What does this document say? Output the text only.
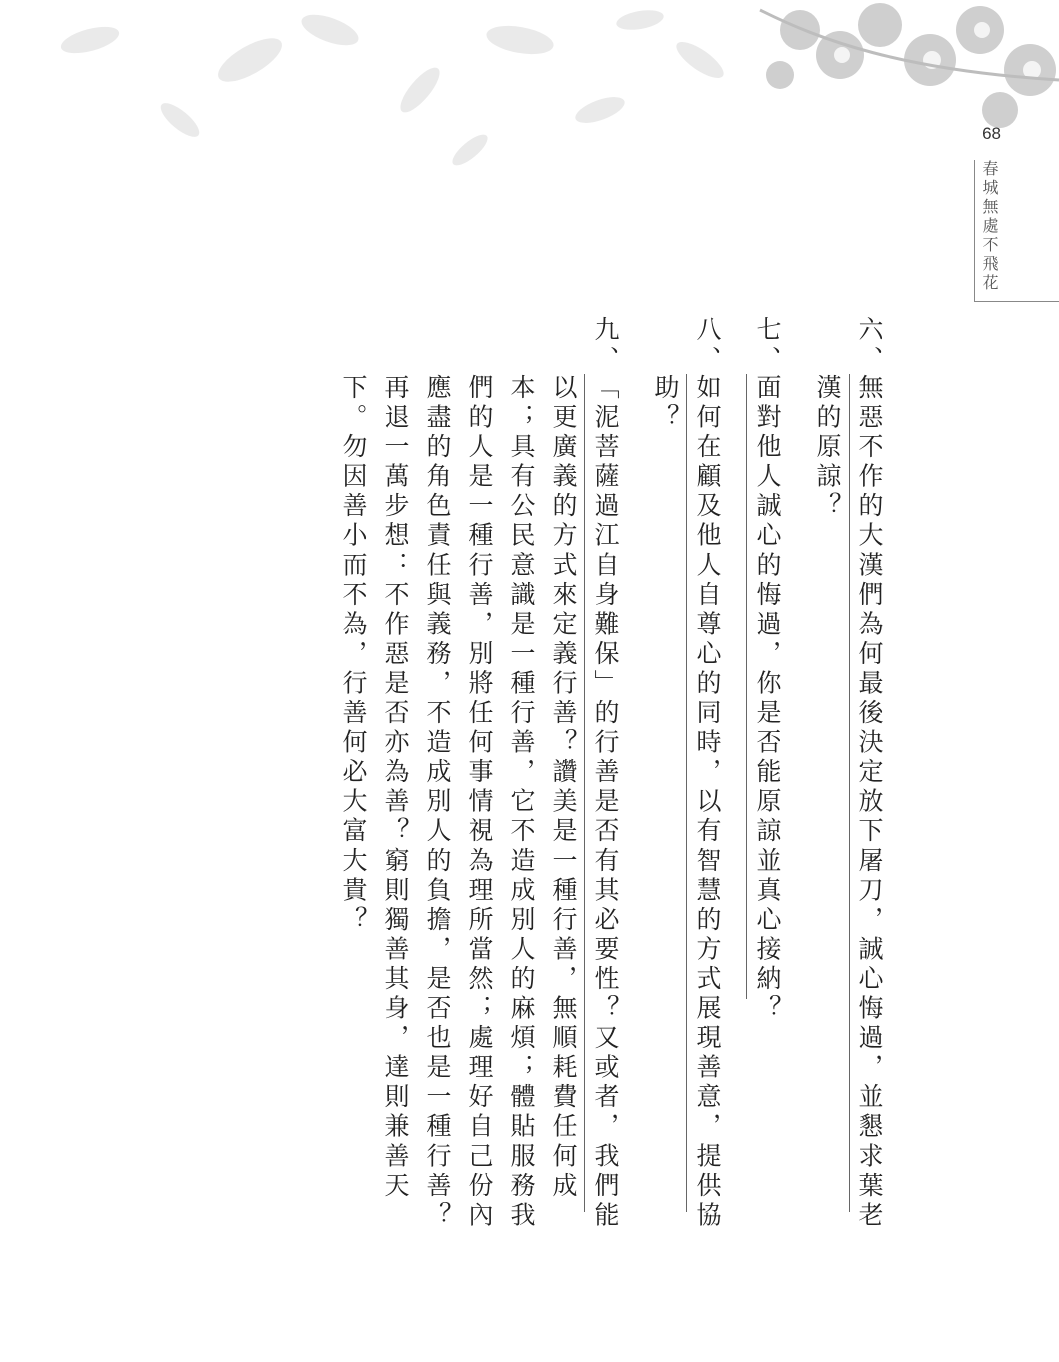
68
春城無處不飛花
六、
無惡不作的大漢們為何最後決定放下屠刀，誠心悔過，並懇求葉老
漢的原諒？
七、
面對他人誠心的悔過，你是否能原諒並真心接納？
八、
如何在顧及他人自尊心的同時，以有智慧的方式展現善意，提供協
助？
九、
「泥菩薩過江自身難保」的行善是否有其必要性？又或者，我們能
以更廣義的方式來定義行善？讚美是一種行善，無順耗費任何成
本；具有公民意識是一種行善，它不造成別人的麻煩；體貼服務我
們的人是一種行善，別將任何事情視為理所當然；處理好自己份內
應盡的角色責任與義務，不造成別人的負擔，是否也是一種行善？
再退一萬步想：不作惡是否亦為善？窮則獨善其身，達則兼善天
下。勿因善小而不為，行善何必大富大貴？
